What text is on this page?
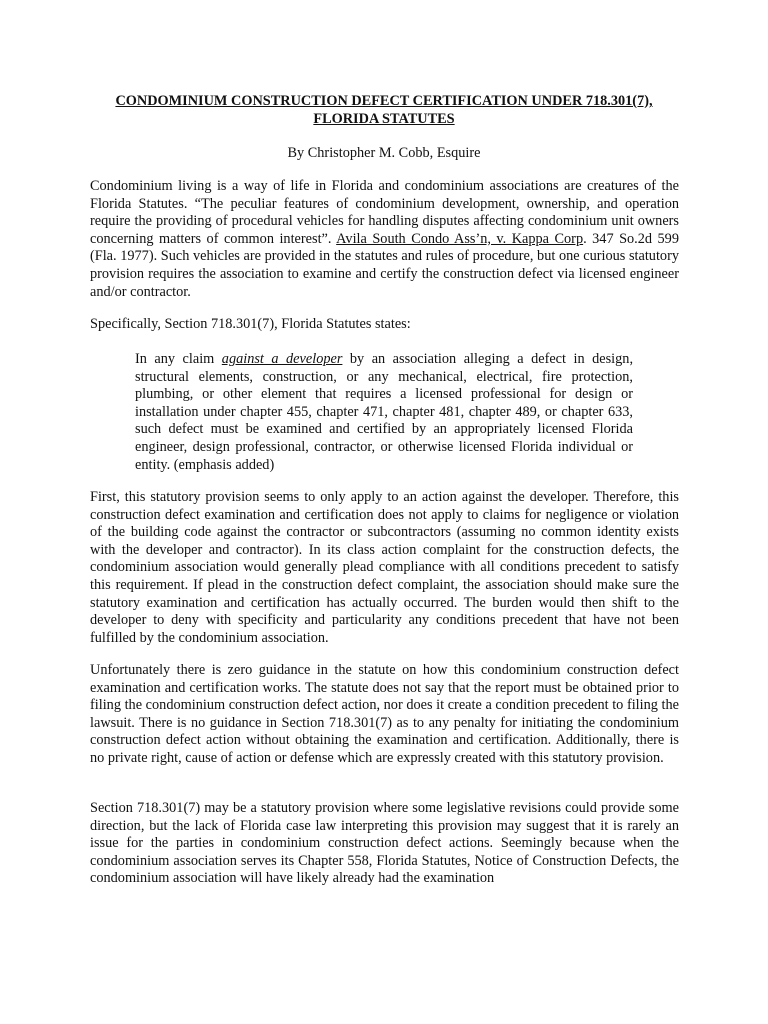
CONDOMINIUM CONSTRUCTION DEFECT CERTIFICATION UNDER 718.301(7),
FLORIDA STATUTES
By Christopher M. Cobb, Esquire

Condominium living is a way of life in Florida and condominium associations are creatures of the Florida Statutes. “The peculiar features of condominium development, ownership, and operation require the providing of procedural vehicles for handling disputes affecting condominium unit owners concerning matters of common interest”. Avila South Condo Ass’n, v. Kappa Corp. 347 So.2d 599 (Fla. 1977). Such vehicles are provided in the statutes and rules of procedure, but one curious statutory provision requires the association to examine and certify the construction defect via licensed engineer and/or contractor.

Specifically, Section 718.301(7), Florida Statutes states:

In any claim against a developer by an association alleging a defect in design, structural elements, construction, or any mechanical, electrical, fire protection, plumbing, or other element that requires a licensed professional for design or installation under chapter 455, chapter 471, chapter 481, chapter 489, or chapter 633, such defect must be examined and certified by an appropriately licensed Florida engineer, design professional, contractor, or otherwise licensed Florida individual or entity. (emphasis added)

First, this statutory provision seems to only apply to an action against the developer. Therefore, this construction defect examination and certification does not apply to claims for negligence or violation of the building code against the contractor or subcontractors (assuming no common identity exists with the developer and contractor). In its class action complaint for the construction defects, the condominium association would generally plead compliance with all conditions precedent to satisfy this requirement. If plead in the construction defect complaint, the association should make sure the statutory examination and certification has actually occurred. The burden would then shift to the developer to deny with specificity and particularity any conditions precedent that have not been fulfilled by the condominium association.

Unfortunately there is zero guidance in the statute on how this condominium construction defect examination and certification works. The statute does not say that the report must be obtained prior to filing the condominium construction defect action, nor does it create a condition precedent to filing the lawsuit. There is no guidance in Section 718.301(7) as to any penalty for initiating the condominium construction defect action without obtaining the examination and certification. Additionally, there is no private right, cause of action or defense which are expressly created with this statutory provision.

Section 718.301(7) may be a statutory provision where some legislative revisions could provide some direction, but the lack of Florida case law interpreting this provision may suggest that it is rarely an issue for the parties in condominium construction defect actions. Seemingly because when the condominium association serves its Chapter 558, Florida Statutes, Notice of Construction Defects, the condominium association will have likely already had the examination
